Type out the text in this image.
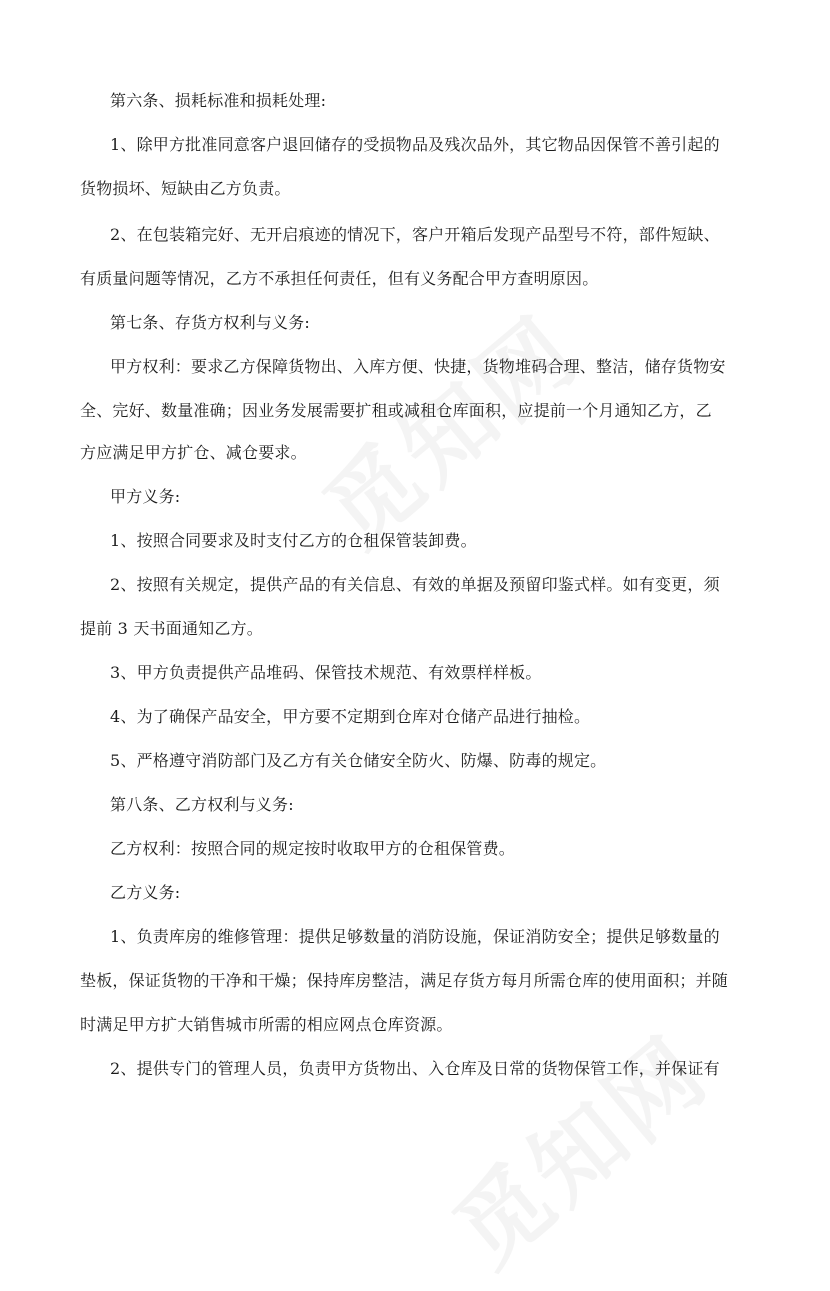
第六条、损耗标准和损耗处理:
1、除甲方批准同意客户退回储存的受损物品及残次品外，其它物品因保管不善引起的
货物损坏、短缺由乙方负责。
2、在包装箱完好、无开启痕迹的情况下，客户开箱后发现产品型号不符，部件短缺、
有质量问题等情况，乙方不承担任何责任，但有义务配合甲方查明原因。
第七条、存货方权利与义务:
甲方权利：要求乙方保障货物出、入库方便、快捷，货物堆码合理、整洁，储存货物安
全、完好、数量准确；因业务发展需要扩租或减租仓库面积，应提前一个月通知乙方，乙
方应满足甲方扩仓、减仓要求。
甲方义务:
1、按照合同要求及时支付乙方的仓租保管装卸费。
2、按照有关规定，提供产品的有关信息、有效的单据及预留印鉴式样。如有变更，须
提前 3 天书面通知乙方。
3、甲方负责提供产品堆码、保管技术规范、有效票样样板。
4、为了确保产品安全，甲方要不定期到仓库对仓储产品进行抽检。
5、严格遵守消防部门及乙方有关仓储安全防火、防爆、防毒的规定。
第八条、乙方权利与义务:
乙方权利：按照合同的规定按时收取甲方的仓租保管费。
乙方义务:
1、负责库房的维修管理：提供足够数量的消防设施，保证消防安全；提供足够数量的
垫板，保证货物的干净和干燥；保持库房整洁，满足存货方每月所需仓库的使用面积；并随
时满足甲方扩大销售城市所需的相应网点仓库资源。
2、提供专门的管理人员，负责甲方货物出、入仓库及日常的货物保管工作，并保证有
